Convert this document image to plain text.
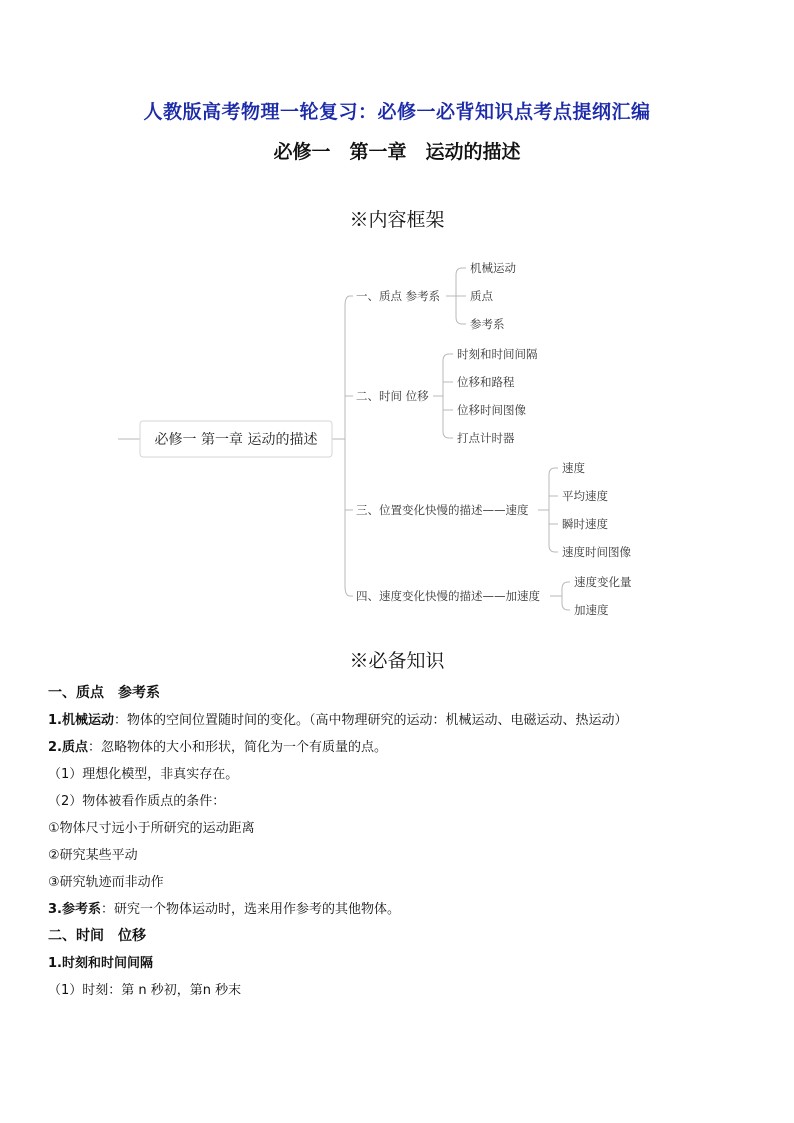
人教版高考物理一轮复习：必修一必背知识点考点提纲汇编
必修一　第一章　运动的描述
※内容框架
必修一 第一章 运动的描述
一、质点 参考系
二、时间 位移
三、位置变化快慢的描述——速度
四、速度变化快慢的描述——加速度
机械运动
质点
参考系
时刻和时间间隔
位移和路程
位移时间图像
打点计时器
速度
平均速度
瞬时速度
速度时间图像
速度变化量
加速度
※必备知识

一、质点　参考系

1.机械运动：物体的空间位置随时间的变化。（高中物理研究的运动：机械运动、电磁运动、热运动）

2.质点：忽略物体的大小和形状，简化为一个有质量的点。

（1）理想化模型，非真实存在。

（2）物体被看作质点的条件：

①物体尺寸远小于所研究的运动距离

②研究某些平动

③研究轨迹而非动作

3.参考系：研究一个物体运动时，选来用作参考的其他物体。

二、时间　位移

1.时刻和时间间隔

（1）时刻：第 n 秒初，第n 秒末
